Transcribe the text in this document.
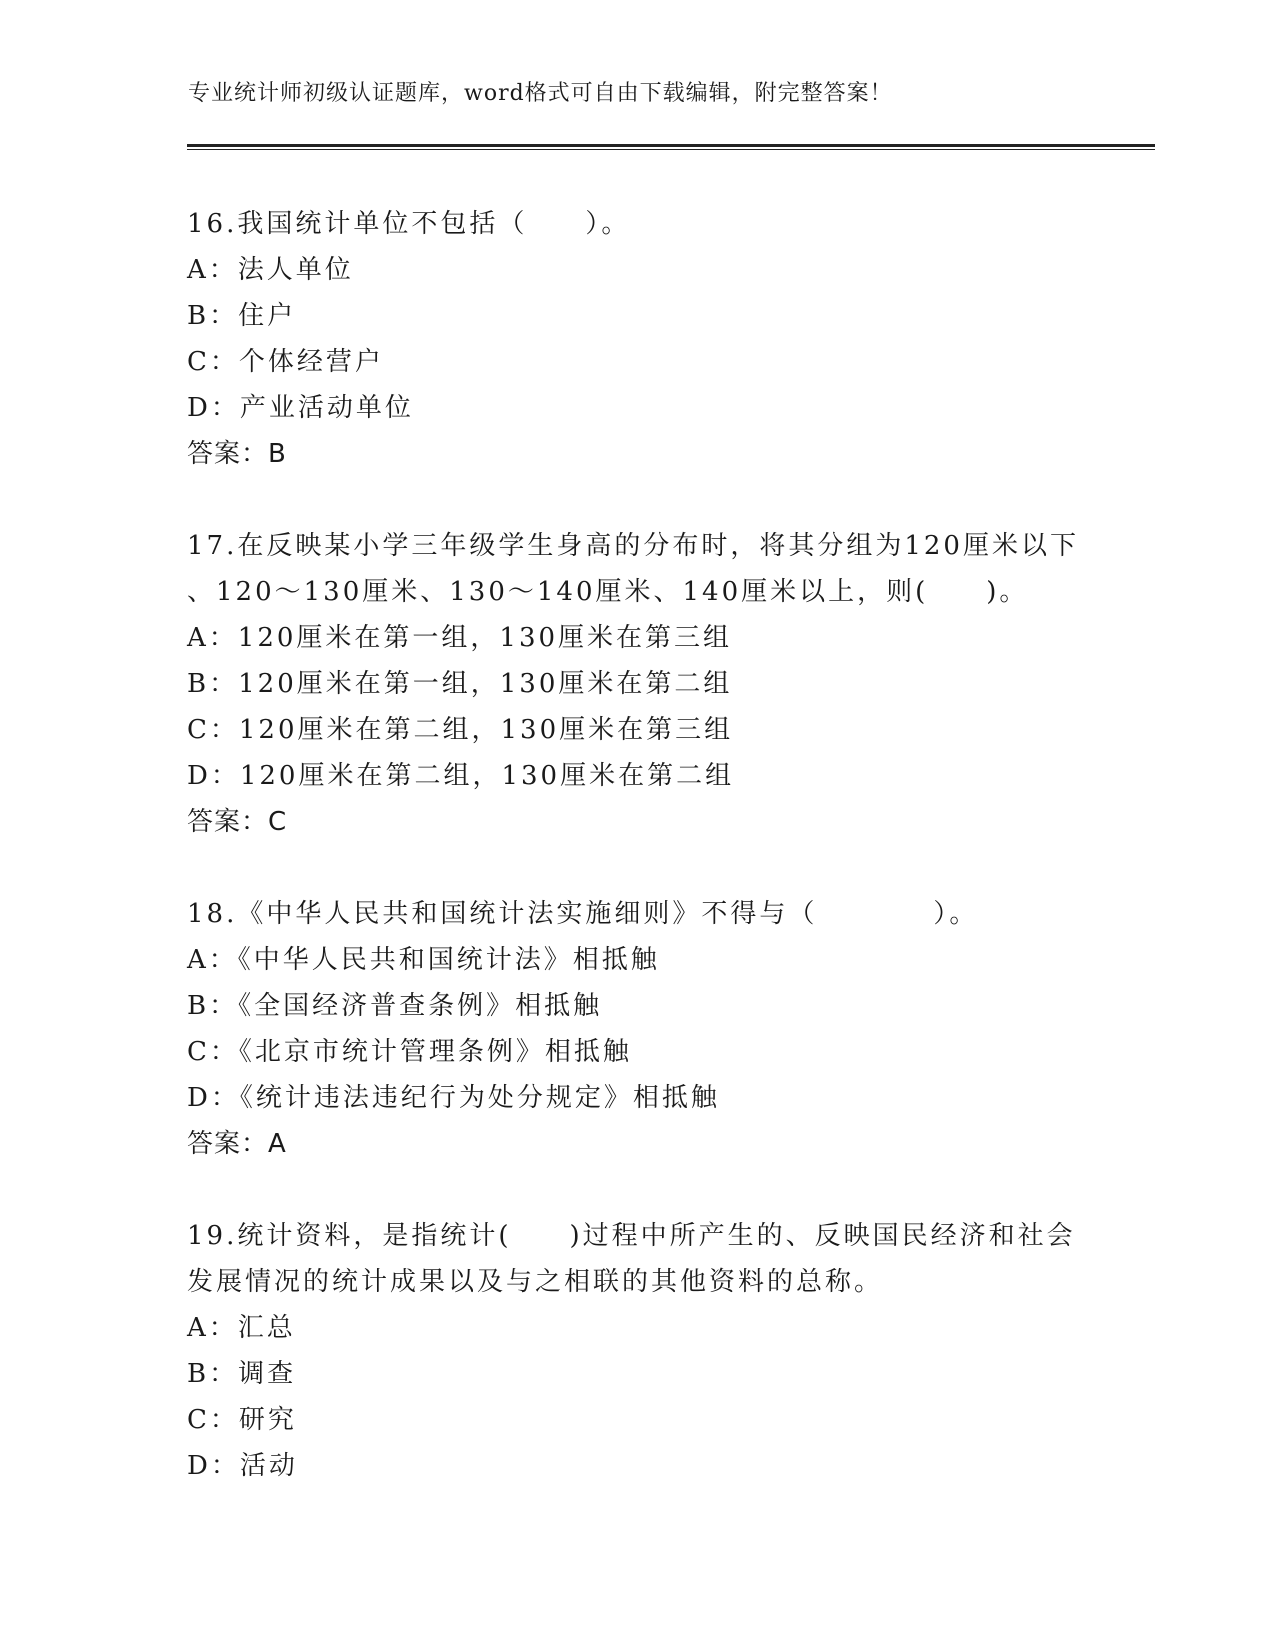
专业统计师初级认证题库，word格式可自由下载编辑，附完整答案！
16.我国统计单位不包括（　　）。
A：法人单位
B：住户
C：个体经营户
D：产业活动单位
答案：B
17.在反映某小学三年级学生身高的分布时，将其分组为120厘米以下
、120～130厘米、130～140厘米、140厘米以上，则(　　)。
A：120厘米在第一组，130厘米在第三组
B：120厘米在第一组，130厘米在第二组
C：120厘米在第二组，130厘米在第三组
D：120厘米在第二组，130厘米在第二组
答案：C
18.《中华人民共和国统计法实施细则》不得与（　　　　）。
A：《中华人民共和国统计法》相抵触
B：《全国经济普查条例》相抵触
C：《北京市统计管理条例》相抵触
D：《统计违法违纪行为处分规定》相抵触
答案：A
19.统计资料，是指统计(　　)过程中所产生的、反映国民经济和社会
发展情况的统计成果以及与之相联的其他资料的总称。
A：汇总
B：调查
C：研究
D：活动
